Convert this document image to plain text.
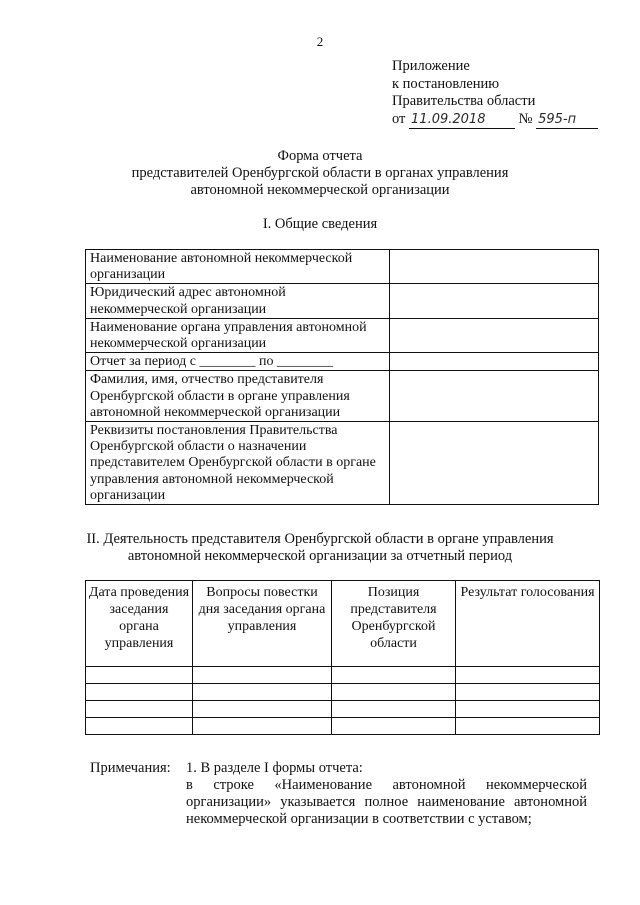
2
Приложение
к постановлению
Правительства области
от 11.09.2018 № 595-п
Форма отчета
представителей Оренбургской области в органах управления
автономной некоммерческой организации
I. Общие сведения
Наименование автономной некоммерческой организации	
Юридический адрес автономной некоммерческой организации	
Наименование органа управления автономной некоммерческой организации	
Отчет за период с ________ по ________	
Фамилия, имя, отчество представителя Оренбургской области в органе управления автономной некоммерческой организации	
Реквизиты постановления Правительства Оренбургской области о назначении представителем Оренбургской области в органе управления автономной некоммерческой организации	
II. Деятельность представителя Оренбургской области в органе управления
автономной некоммерческой организации за отчетный период
Дата проведения заседания органа управления	Вопросы повестки дня заседания органа управления	Позиция представителя Оренбургской области	Результат голосования

Примечания: 1. В разделе I формы отчета:
в строке «Наименование автономной некоммерческой организации» указывается полное наименование автономной некоммерческой организации в соответствии с уставом;
